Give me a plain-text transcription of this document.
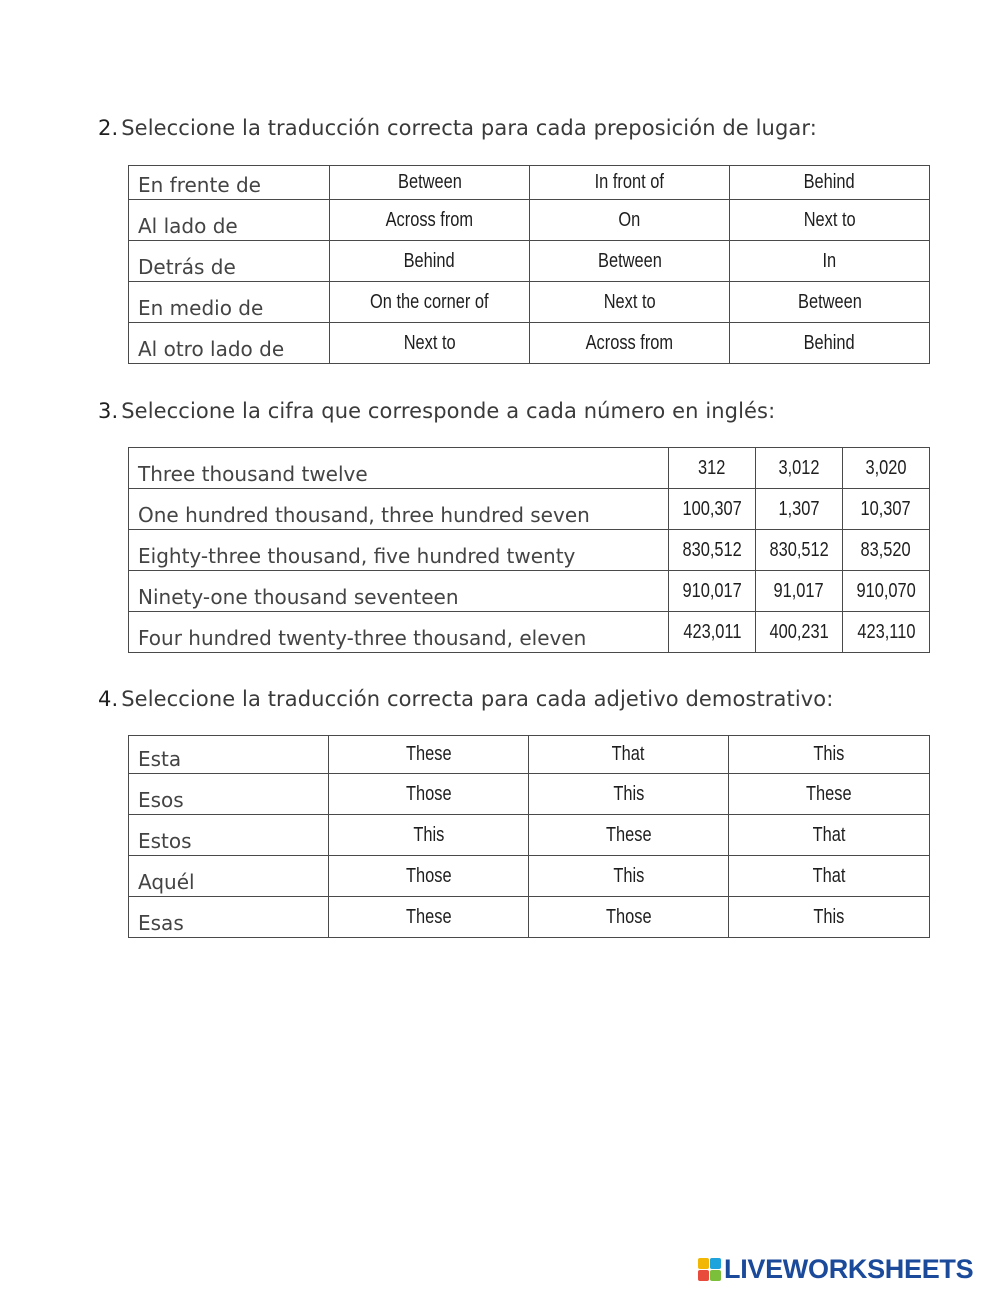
2. Seleccione la traducción correcta para cada preposición de lugar:
En frente de	Between	In front of	Behind
Al lado de	Across from	On	Next to
Detrás de	Behind	Between	In
En medio de	On the corner of	Next to	Between
Al otro lado de	Next to	Across from	Behind
3. Seleccione la cifra que corresponde a cada número en inglés:
Three thousand twelve	312	3,012	3,020
One hundred thousand, three hundred seven	100,307	1,307	10,307
Eighty-three thousand, five hundred twenty	830,512	830,512	83,520
Ninety-one thousand seventeen	910,017	91,017	910,070
Four hundred twenty-three thousand, eleven	423,011	400,231	423,110
4. Seleccione la traducción correcta para cada adjetivo demostrativo:
Esta	These	That	This
Esos	Those	This	These
Estos	This	These	That
Aquél	Those	This	That
Esas	These	Those	This
LIVEWORKSHEETS
